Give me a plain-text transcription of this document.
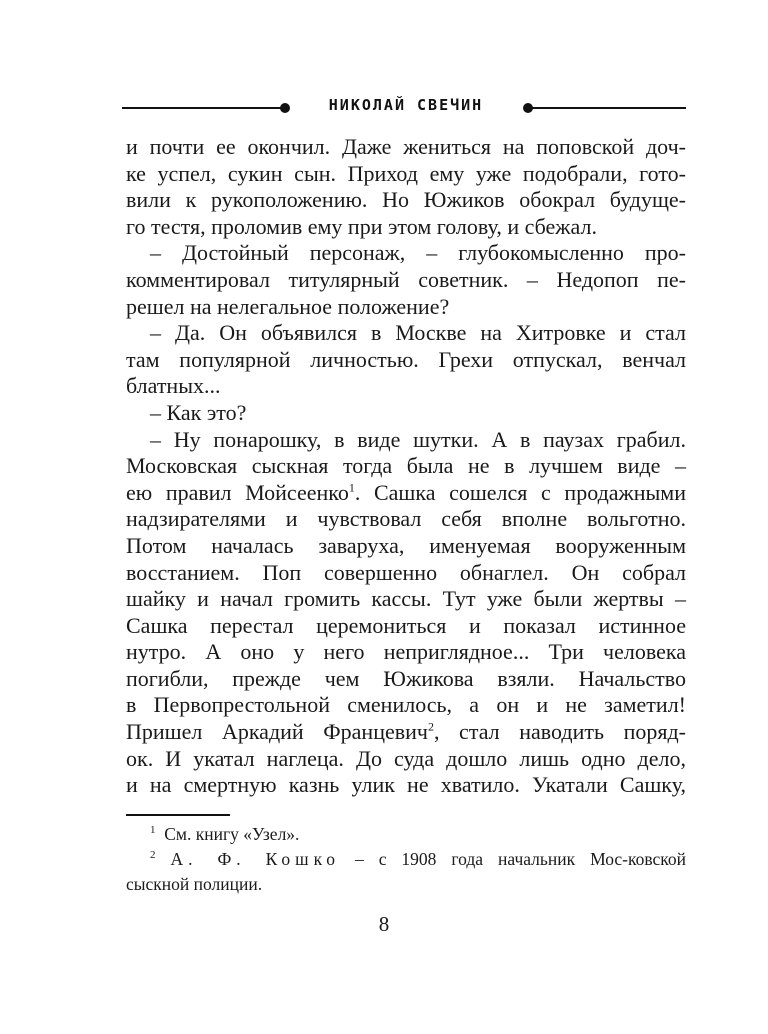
НИКОЛАЙ СВЕЧИН
и почти ее окончил. Даже жениться на поповской доч-
ке успел, сукин сын. Приход ему уже подобрали, гото-
вили к рукоположению. Но Южиков обокрал будуще-
го тестя, проломив ему при этом голову, и сбежал.
– Достойный персонаж, – глубокомысленно про-
комментировал титулярный советник. – Недопоп пе-
решел на нелегальное положение?
– Да. Он объявился в Москве на Хитровке и стал
там популярной личностью. Грехи отпускал, венчал
блатных...
– Как это?
– Ну понарошку, в виде шутки. А в паузах грабил.
Московская сыскная тогда была не в лучшем виде –
ею правил Мойсеенко$^1$. Сашка сошелся с продажными
надзирателями и чувствовал себя вполне вольготно.
Потом началась заваруха, именуемая вооруженным
восстанием. Поп совершенно обнаглел. Он собрал
шайку и начал громить кассы. Тут уже были жертвы –
Сашка перестал церемониться и показал истинное
нутро. А оно у него неприглядное... Три человека
погибли, прежде чем Южикова взяли. Начальство
в Первопрестольной сменилось, а он и не заметил!
Пришел Аркадий Францевич$^2$, стал наводить поряд-
ок. И укатал наглеца. До суда дошло лишь одно дело,
и на смертную казнь улик не хватило. Укатали Сашку,
$^1$ См. книгу «Узел».
$^2$ А. Ф. Кошко – с 1908 года начальник Мос-ковской
сыскной полиции.
8
